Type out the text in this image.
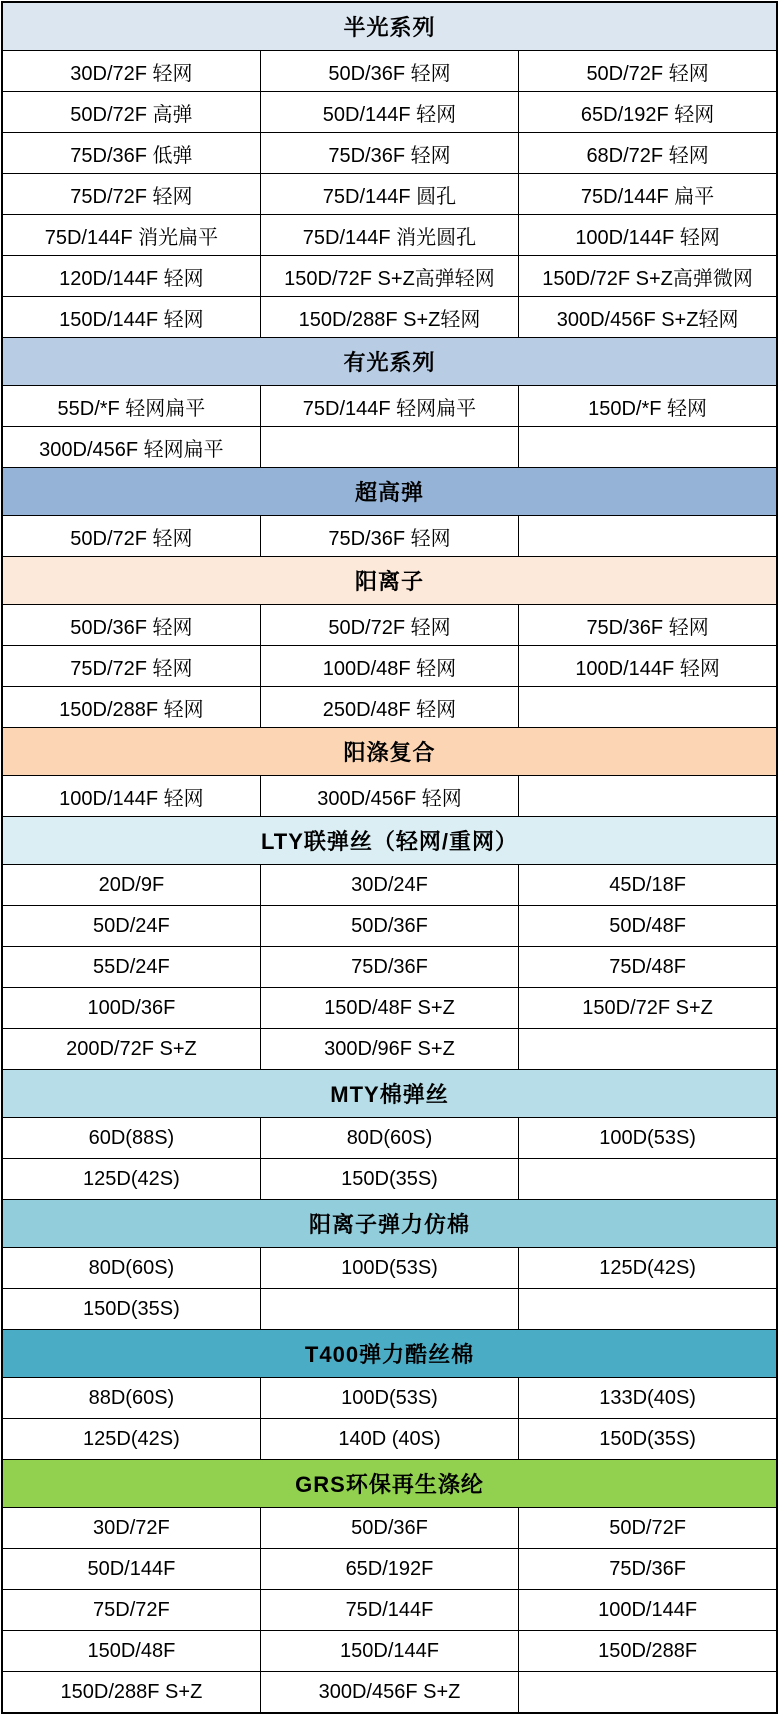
半光系列		
30D/72F 轻网	50D/36F 轻网	50D/72F 轻网
50D/72F 高弹	50D/144F 轻网	65D/192F 轻网
75D/36F 低弹	75D/36F 轻网	68D/72F 轻网
75D/72F 轻网	75D/144F 圆孔	75D/144F 扁平
75D/144F 消光扁平	75D/144F 消光圆孔	100D/144F 轻网
120D/144F 轻网	150D/72F S+Z高弹轻网	150D/72F S+Z高弹微网
150D/144F 轻网	150D/288F S+Z轻网	300D/456F S+Z轻网
有光系列		
55D/*F 轻网扁平	75D/144F 轻网扁平	150D/*F 轻网
300D/456F 轻网扁平		
超高弹		
50D/72F 轻网	75D/36F 轻网	
阳离子		
50D/36F 轻网	50D/72F 轻网	75D/36F 轻网
75D/72F 轻网	100D/48F 轻网	100D/144F 轻网
150D/288F 轻网	250D/48F 轻网	
阳涤复合		
100D/144F 轻网	300D/456F 轻网	
LTY联弹丝（轻网/重网）		
20D/9F	30D/24F	45D/18F
50D/24F	50D/36F	50D/48F
55D/24F	75D/36F	75D/48F
100D/36F	150D/48F S+Z	150D/72F S+Z
200D/72F S+Z	300D/96F S+Z	
MTY棉弹丝		
60D(88S)	80D(60S)	100D(53S)
125D(42S)	150D(35S)	
阳离子弹力仿棉		
80D(60S)	100D(53S)	125D(42S)
150D(35S)		
T400弹力酷丝棉		
88D(60S)	100D(53S)	133D(40S)
125D(42S)	140D (40S)	150D(35S)
GRS环保再生涤纶		
30D/72F	50D/36F	50D/72F
50D/144F	65D/192F	75D/36F
75D/72F	75D/144F	100D/144F
150D/48F	150D/144F	150D/288F
150D/288F S+Z	300D/456F S+Z	
